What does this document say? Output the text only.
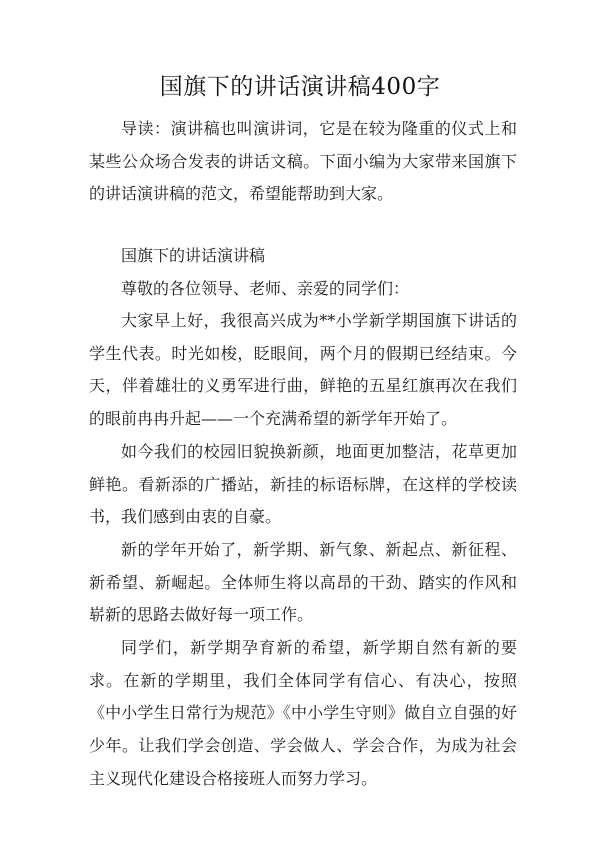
国旗下的讲话演讲稿400字

导读：演讲稿也叫演讲词，它是在较为隆重的仪式上和某些公众场合发表的讲话文稿。下面小编为大家带来国旗下的讲话演讲稿的范文，希望能帮助到大家。

国旗下的讲话演讲稿

尊敬的各位领导、老师、亲爱的同学们：

大家早上好，我很高兴成为**小学新学期国旗下讲话的学生代表。时光如梭，眨眼间，两个月的假期已经结束。今天，伴着雄壮的义勇军进行曲，鲜艳的五星红旗再次在我们的眼前冉冉升起——一个充满希望的新学年开始了。

如今我们的校园旧貌换新颜，地面更加整洁，花草更加鲜艳。看新添的广播站，新挂的标语标牌，在这样的学校读书，我们感到由衷的自豪。

新的学年开始了，新学期、新气象、新起点、新征程、新希望、新崛起。全体师生将以高昂的干劲、踏实的作风和崭新的思路去做好每一项工作。

同学们，新学期孕育新的希望，新学期自然有新的要求。在新的学期里，我们全体同学有信心、有决心，按照《中小学生日常行为规范》《中小学生守则》做自立自强的好少年。让我们学会创造、学会做人、学会合作，为成为社会主义现代化建设合格接班人而努力学习。
